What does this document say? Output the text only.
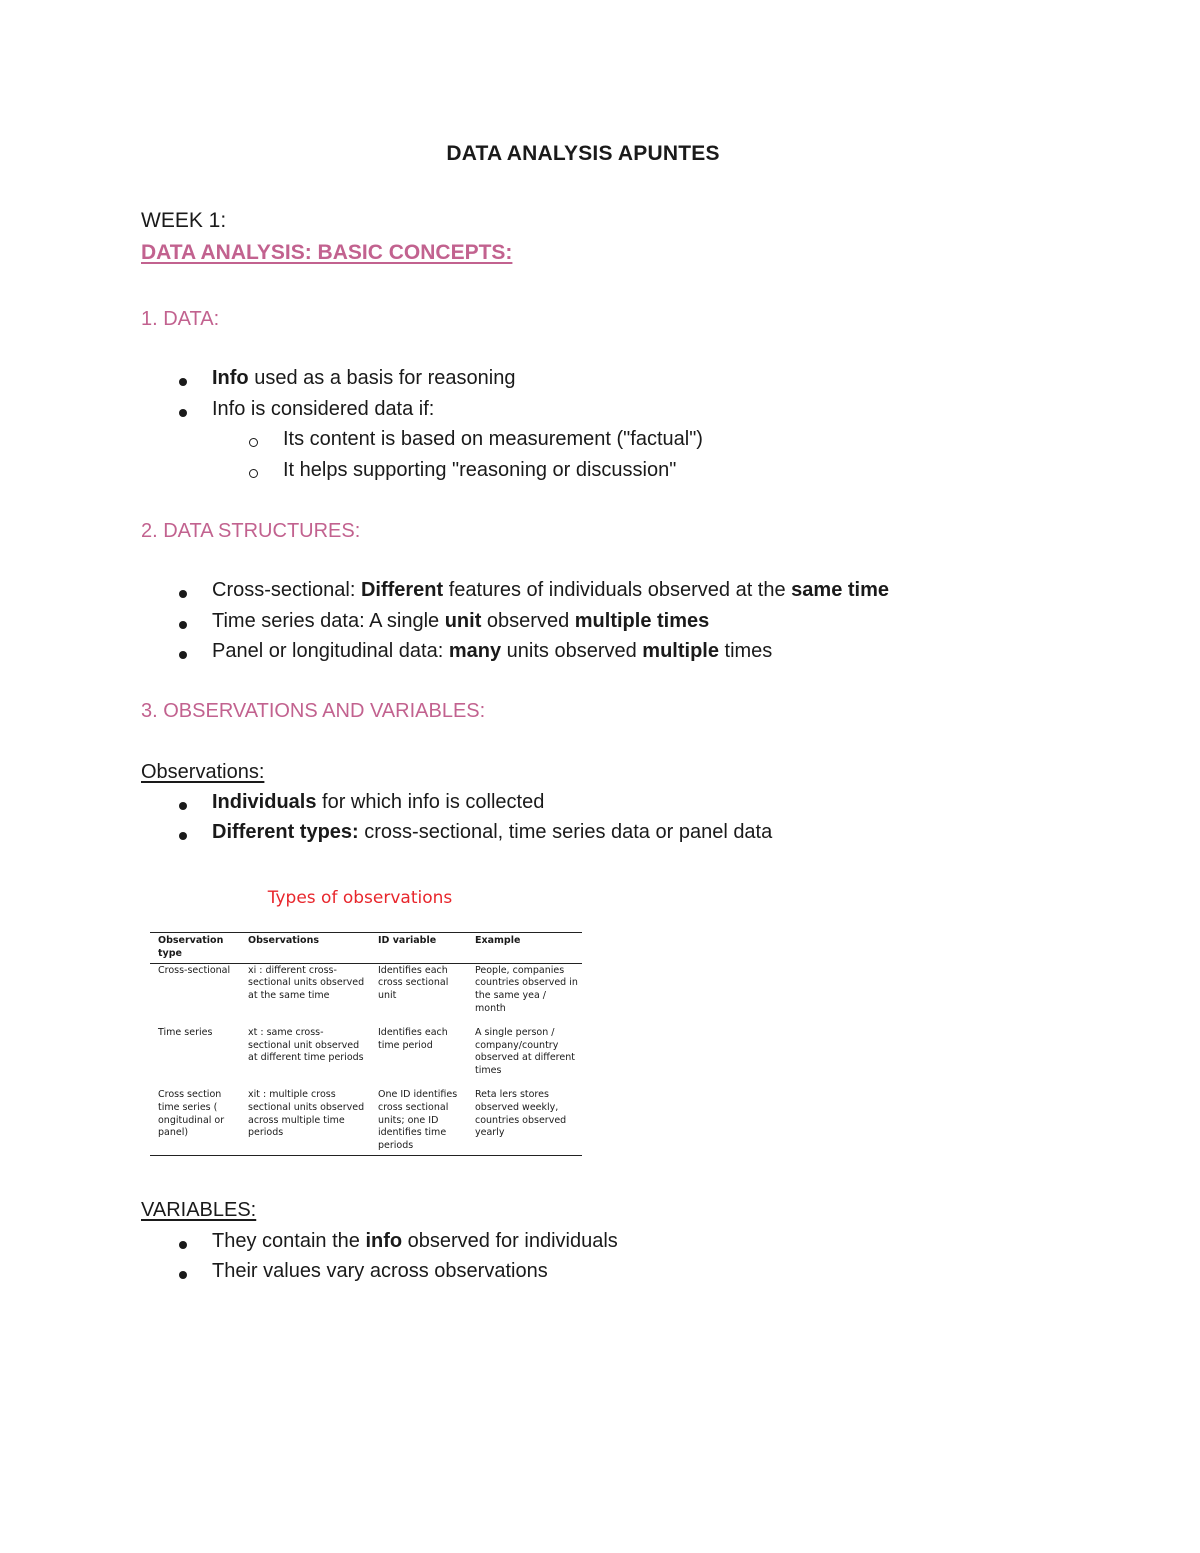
DATA ANALYSIS APUNTES
WEEK 1:
DATA ANALYSIS: BASIC CONCEPTS:
1. DATA:
Info used as a basis for reasoning
Info is considered data if:
Its content is based on measurement ("factual")
It helps supporting "reasoning or discussion"
2. DATA STRUCTURES:
Cross-sectional: Different features of individuals observed at the same time
Time series data: A single unit observed multiple times
Panel or longitudinal data: many units observed multiple times
3. OBSERVATIONS AND VARIABLES:
Observations:
Individuals for which info is collected
Different types: cross-sectional, time series data or panel data
Types of observations
Observation type	Observations	ID variable	Example
Cross-sectional	xi : different cross-sectional units observed at the same time	Identifies each cross sectional unit	People, companies countries observed in the same yea / month
Time series	xt : same cross-sectional unit observed at different time periods	Identifies each time period	A single person / company/country observed at different times
Cross section time series ( ongitudinal or panel)	xit : multiple cross sectional units observed across multiple time periods	One ID identifies cross sectional units; one ID identifies time periods	Reta lers stores observed weekly, countries observed yearly
VARIABLES:
They contain the info observed for individuals
Their values vary across observations
